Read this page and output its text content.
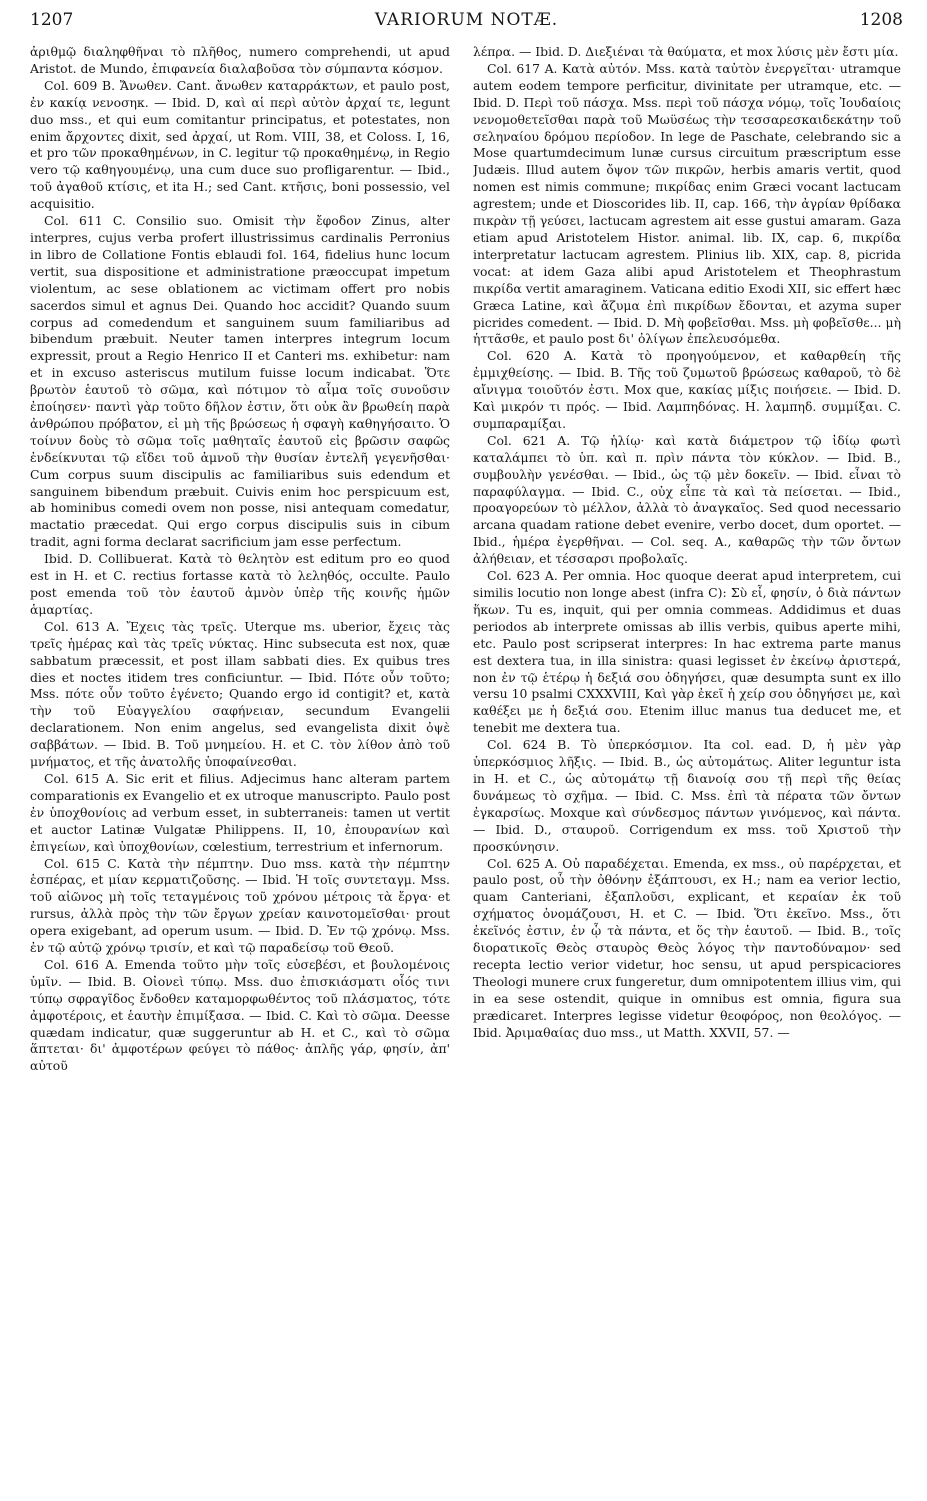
1207	VARIORUM NOTÆ.	1208

ἀριθμῷ διαληφθῆναι τὸ πλῆθος, numero comprehendi, ut apud Aristot. de Mundo, ἐπιφανεία διαλαβοῦσα τὸν σύμπαντα κόσμον.

Col. 609 B. Ἄνωθεν. Cant. ἄνωθεν καταρράκτων, et paulo post, ἐν κακίᾳ νενοσηκ. — Ibid. D, καὶ αἱ περὶ αὐτὸν ἀρχαί τε, legunt duo mss., et qui eum comitantur principatus, et potestates, non enim ἄρχοντες dixit, sed ἀρχαί, ut Rom. VIII, 38, et Coloss. I, 16, et pro τῶν προκαθημένων, in C. legitur τῷ προκαθημένῳ, in Regio vero τῷ καθηγουμένῳ, una cum duce suo profligarentur. — Ibid., τοῦ ἀγαθοῦ κτίσις, et ita H.; sed Cant. κτῆσις, boni possessio, vel acquisitio.

Col. 611 C. Consilio suo. Omisit τὴν ἔφοδον Zinus, alter interpres, cujus verba profert illustrissimus cardinalis Perronius in libro de Collatione Fontis eblaudi fol. 164, fidelius hunc locum vertit, sua dispositione et administratione præoccupat impetum violentum, ac sese oblationem ac victimam offert pro nobis sacerdos simul et agnus Dei. Quando hoc accidit? Quando suum corpus ad comedendum et sanguinem suum familiaribus ad bibendum præbuit. Neuter tamen interpres integrum locum expressit, prout a Regio Henrico II et Canteri ms. exhibetur: nam et in excuso asteriscus mutilum fuisse locum indicabat. Ὅτε βρωτὸν ἑαυτοῦ τὸ σῶμα, καὶ πότιμον τὸ αἷμα τοῖς συνοῦσιν ἐποίησεν· παντὶ γὰρ τοῦτο δῆλον ἐστιν, ὅτι οὐκ ἂν βρωθείη παρὰ ἀνθρώπου πρόβατον, εἰ μὴ τῆς βρώσεως ἡ σφαγὴ καθηγήσαιτο. Ὁ τοίνυν δοὺς τὸ σῶμα τοῖς μαθηταῖς ἑαυτοῦ εἰς βρῶσιν σαφῶς ἐνδείκνυται τῷ εἴδει τοῦ ἀμνοῦ τὴν θυσίαν ἐντελῆ γεγενῆσθαι· Cum corpus suum discipulis ac familiaribus suis edendum et sanguinem bibendum præbuit. Cuivis enim hoc perspicuum est, ab hominibus comedi ovem non posse, nisi antequam comedatur, mactatio præcedat. Qui ergo corpus discipulis suis in cibum tradit, agni forma declarat sacrificium jam esse perfectum.

Ibid. D. Collibuerat. Κατὰ τὸ θελητὸν est editum pro eo quod est in H. et C. rectius fortasse κατὰ τὸ λεληθός, occulte. Paulo post emenda τοῦ τὸν ἑαυτοῦ ἀμνὸν ὑπὲρ τῆς κοινῆς ἡμῶν ἁμαρτίας.

Col. 613 A. Ἔχεις τὰς τρεῖς. Uterque ms. uberior, ἔχεις τὰς τρεῖς ἡμέρας καὶ τὰς τρεῖς νύκτας. Hinc subsecuta est nox, quæ sabbatum præcessit, et post illam sabbati dies. Ex quibus tres dies et noctes itidem tres conficiuntur. — Ibid. Πότε οὖν τοῦτο; Mss. πότε οὖν τοῦτο ἐγένετο; Quando ergo id contigit? et, κατὰ τὴν τοῦ Εὐαγγελίου σαφήνειαν, secundum Evangelii declarationem. Non enim angelus, sed evangelista dixit ὀψὲ σαββάτων. — Ibid. B. Τοῦ μνημείου. H. et C. τὸν λίθον ἀπὸ τοῦ μνήματος, et τῆς ἀνατολῆς ὑποφαίνεσθαι.

Col. 615 A. Sic erit et filius. Adjecimus hanc alteram partem comparationis ex Evangelio et ex utroque manuscripto. Paulo post ἐν ὑποχθονίοις ad verbum esset, in subterraneis: tamen ut vertit et auctor Latinæ Vulgatæ Philippens. II, 10, ἐπουρανίων καὶ ἐπιγείων, καὶ ὑποχθονίων, cœlestium, terrestrium et infernorum.

Col. 615 C. Κατὰ τὴν πέμπτην. Duo mss. κατὰ τὴν πέμπτην ἑσπέρας, et μίαν κερματιζοῦσης. — Ibid. Ἡ τοῖς συντεταγμ. Mss. τοῦ αἰῶνος μὴ τοῖς τεταγμένοις τοῦ χρόνου μέτροις τὰ ἔργα· et rursus, ἀλλὰ πρὸς τὴν τῶν ἔργων χρείαν καινοτομεῖσθαι· prout opera exigebant, ad operum usum. — Ibid. D. Ἐν τῷ χρόνῳ. Mss. ἐν τῷ αὐτῷ χρόνῳ τρισίν, et καὶ τῷ παραδείσῳ τοῦ Θεοῦ.

Col. 616 A. Emenda τοῦτο μὴν τοῖς εὐσεβέσι, et βουλομένοις ὑμῖν. — Ibid. B. Οἰονεὶ τύπῳ. Mss. duo ἐπισκιάσματι οἷός τινι τύπῳ σφραγῖδος ἔνδοθεν καταμορφωθέντος τοῦ πλάσματος, τότε ἀμφοτέροις, et ἑαυτὴν ἐπιμίξασα. — Ibid. C. Καὶ τὸ σῶμα. Deesse quædam indicatur, quæ suggeruntur ab H. et C., καὶ τὸ σῶμα ἅπτεται· δι' ἀμφοτέρων φεύγει τὸ πάθος· ἀπλῆς γάρ, φησίν, ἀπ' αὐτοῦ

λέπρα. — Ibid. D. Διεξιέναι τὰ θαύματα, et mox λύσις μὲν ἔστι μία.

Col. 617 A. Κατὰ αὐτόν. Mss. κατὰ ταὐτὸν ἐνεργεῖται· utramque autem eodem tempore perficitur, divinitate per utramque, etc. — Ibid. D. Περὶ τοῦ πάσχα. Mss. περὶ τοῦ πάσχα νόμῳ, τοῖς Ἰουδαίοις νενομοθετεῖσθαι παρὰ τοῦ Μωϋσέως τὴν τεσσαρεσκαιδεκάτην τοῦ σεληναίου δρόμου περίοδον. In lege de Paschate, celebrando sic a Mose quartumdecimum lunæ cursus circuitum præscriptum esse Judæis. Illud autem ὄψον τῶν πικρῶν, herbis amaris vertit, quod nomen est nimis commune; πικρίδας enim Græci vocant lactucam agrestem; unde et Dioscorides lib. II, cap. 166, τὴν ἀγρίαν θρίδακα πικρὰν τῇ γεύσει, lactucam agrestem ait esse gustui amaram. Gaza etiam apud Aristotelem Histor. animal. lib. IX, cap. 6, πικρίδα interpretatur lactucam agrestem. Plinius lib. XIX, cap. 8, picrida vocat: at idem Gaza alibi apud Aristotelem et Theophrastum πικρίδα vertit amaraginem. Vaticana editio Exodi XII, sic effert hæc Græca Latine, καὶ ἄζυμα ἐπὶ πικρίδων ἔδονται, et azyma super picrides comedent. — Ibid. D. Μὴ φοβεῖσθαι. Mss. μὴ φοβεῖσθε... μὴ ἡττᾶσθε, et paulo post δι' ὀλίγων ἐπελευσόμεθα.

Col. 620 A. Κατὰ τὸ προηγούμενον, et καθαρθείη τῆς ἐμμιχθείσης. — Ibid. B. Τῆς τοῦ ζυμωτοῦ βρώσεως καθαροῦ, τὸ δὲ αἴνιγμα τοιοῦτόν ἐστι. Mox que, κακίας μίξις ποιήσειε. — Ibid. D. Καὶ μικρόν τι πρός. — Ibid. Λαμπηδόνας. H. λαμπηδ. συμμίξαι. C. συμπαραμίξαι.

Col. 621 A. Τῷ ἡλίῳ· καὶ κατὰ διάμετρον τῷ ἰδίῳ φωτὶ καταλάμπει τὸ ὑπ. καὶ π. πρὶν πάντα τὸν κύκλον. — Ibid. B., συμβουλὴν γενέσθαι. — Ibid., ὡς τῷ μὲν δοκεῖν. — Ibid. εἶναι τὸ παραφύλαγμα. — Ibid. C., οὐχ εἶπε τὰ καὶ τὰ πείσεται. — Ibid., προαγορεύων τὸ μέλλον, ἀλλὰ τὸ ἀναγκαῖος. Sed quod necessario arcana quadam ratione debet evenire, verbo docet, dum oportet. — Ibid., ἡμέρα ἐγερθῆναι. — Col. seq. A., καθαρῶς τὴν τῶν ὄντων ἀλήθειαν, et τέσσαρσι προβολαῖς.

Col. 623 A. Per omnia. Hoc quoque deerat apud interpretem, cui similis locutio non longe abest (infra C): Σὺ εἶ, φησίν, ὁ διὰ πάντων ἥκων. Tu es, inquit, qui per omnia commeas. Addidimus et duas periodos ab interprete omissas ab illis verbis, quibus aperte mihi, etc. Paulo post scripserat interpres: In hac extrema parte manus est dextera tua, in illa sinistra: quasi legisset ἐν ἐκείνῳ ἀριστερά, non ἐν τῷ ἑτέρῳ ἡ δεξιά σου ὁδηγήσει, quæ desumpta sunt ex illo versu 10 psalmi CXXXVIII, Καὶ γὰρ ἐκεῖ ἡ χείρ σου ὁδηγήσει με, καὶ καθέξει με ἡ δεξιά σου. Etenim illuc manus tua deducet me, et tenebit me dextera tua.

Col. 624 B. Τὸ ὑπερκόσμιον. Ita col. ead. D, ἡ μὲν γὰρ ὑπερκόσμιος λῆξις. — Ibid. B., ὡς αὐτομάτως. Aliter leguntur ista in H. et C., ὡς αὐτομάτῳ τῇ διανοίᾳ σου τῇ περὶ τῆς θείας δυνάμεως τὸ σχῆμα. — Ibid. C. Mss. ἐπὶ τὰ πέρατα τῶν ὄντων ἐγκαρσίως. Moxque καὶ σύνδεσμος πάντων γινόμενος, καὶ πάντα. — Ibid. D., σταυροῦ. Corrigendum ex mss. τοῦ Χριστοῦ τὴν προσκύνησιν.

Col. 625 A. Οὐ παραδέχεται. Emenda, ex mss., οὐ παρέρχεται, et paulo post, οὗ τὴν ὀθόνην ἐξάπτουσι, ex H.; nam ea verior lectio, quam Canteriani, ἐξαπλοῦσι, explicant, et κεραίαν ἐκ τοῦ σχήματος ὀνομάζουσι, H. et C. — Ibid. Ὅτι ἐκεῖνο. Mss., ὅτι ἐκεῖνός ἐστιν, ἐν ᾧ τὰ πάντα, et ὅς τὴν ἑαυτοῦ. — Ibid. B., τοῖς διορατικοῖς Θεὸς σταυρὸς Θεὸς λόγος τὴν παντοδύναμον· sed recepta lectio verior videtur, hoc sensu, ut apud perspicaciores Theologi munere crux fungeretur, dum omnipotentem illius vim, qui in ea sese ostendit, quique in omnibus est omnia, figura sua prædicaret. Interpres legisse videtur θεοφόρος, non θεολόγος. — Ibid. Ἀριμαθαίας duo mss., ut Matth. XXVII, 57. —
